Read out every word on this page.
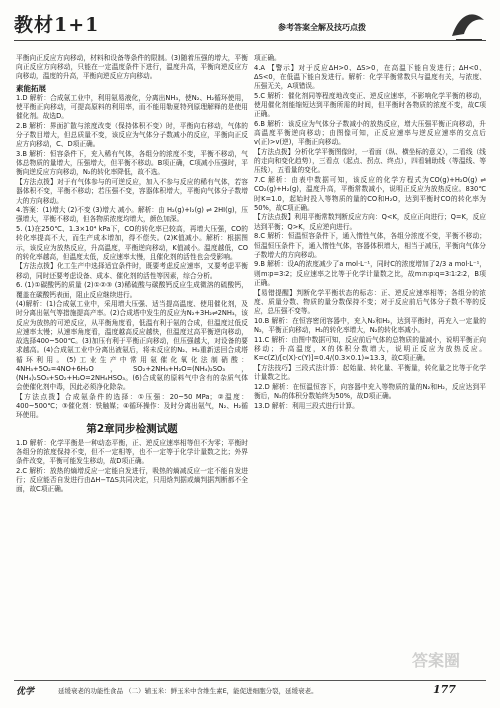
教材1+1	参考答案全解及技巧点拨

平衡向正反应方向移动，材料和设备等条件的限制。(3)随着压强的增大，平衡向正反应方向移动，只能在一定温度条件下进行，温度升高，平衡向逆反应方向移动，温度的升高，平衡向逆反应方向移动。

素能拓展

1.D 解析：合成氨工业中，利用氨易液化，分离出NH₃，使N₂、H₂循环使用，使平衡正向移动，可提高原料的利用率，而不能用勒夏特列原理解释的是使用催化剂。故选D。

2.B 解析：界面扩散与浓度改变（保持体积不变）时，平衡向右移动，气体的分子数目增大，但总质量不变，该反应为气体分子数减小的反应，平衡向正反应方向移动，C、D项正确。

3.B 解析：恒容条件下，充入稀有气体，各组分的浓度不变，平衡不移动，气体总物质的量增大，压强增大，但平衡不移动。B项正确，C项减小压强时，平衡向逆反应方向移动，N₂的转化率降低，故不选。

【方法点拨】对于有气体参与的可逆反应，加入不参与反应的稀有气体，若容器体积不变，平衡不移动；若压强不变，容器体积增大，平衡向气体分子数增大的方向移动。

4.答案：(1)增大 (2)不变 (3)增大 减小。解析：由 H₂(g)+I₂(g) ⇌ 2HI(g)，压强增大，平衡不移动，但各物质浓度均增大，颜色加深。

5. (1)在250℃、1.3×10⁴ kPa下，CO的转化率已较高，再增大压强，CO的转化率提高不大，而生产成本增加，得不偿失。(2)K值减小。解析：根据图示，该反应为放热反应，升高温度，平衡逆向移动，K值减小。温度越低，CO的转化率越高，但温度太低，反应速率太慢，且催化剂的活性也会受影响。

【方法点拨】化工生产中选择适宜条件时，既要考虑反应速率，又要考虑平衡移动，同时还要考虑设备、成本、催化剂的活性等因素，综合分析。

6. (1)①碳酸钙的质量 (2)①②③ (3)稀硫酸与碳酸钙反应生成微溶的硫酸钙，覆盖在碳酸钙表面，阻止反应继续进行。

(4)解析：(1)合成氨工业中，采用增大压强、适当提高温度、使用催化剂，及时分离出氨气等措施提高产率。(2)合成塔中发生的反应为N₂+3H₂⇌2NH₃，该反应为放热的可逆反应，从平衡角度看，低温有利于氨的合成，但温度过低反应速率太慢；从速率角度看，温度越高反应越快，但温度过高平衡逆向移动，故选择400~500℃。(3)加压有利于平衡正向移动，但压强越大，对设备的要求越高。(4)合成氨工业中分离出液氨后，将未反应的N₂、H₂重新送回合成塔循环利用。(5)工业生产中常用氨催化氧化法制硝酸：4NH₃+5O₂=4NO+6H₂O，SO₂+2NH₃+H₂O=(NH₄)₂SO₃，(NH₄)₂SO₃+SO₂+H₂O=2NH₄HSO₃。(6)合成氨的原料气中含有的杂质气体会使催化剂中毒，因此必须净化除杂。

【方法点拨】合成氨条件的选择：①压强：20~50 MPa；②温度：400~500℃；③催化剂：铁触媒；④循环操作：及时分离出氨气，N₂、H₂循环使用。

第2章同步检测试题

1.D 解析：化学平衡是一种动态平衡，正、逆反应速率相等但不为零；平衡时各组分的浓度保持不变，但不一定相等，也不一定等于化学计量数之比；外界条件改变，平衡可能发生移动，故D项正确。

2.C 解析：放热的熵增反应一定能自发进行，吸热的熵减反应一定不能自发进行；反应能否自发进行由ΔH−TΔS共同决定，只用焓判据或熵判据判断都不全面，故C项正确。

项正确。

4.A 【警示】对于反应ΔH>0、ΔS>0，在高温下能自发进行；ΔH<0、ΔS<0，在低温下能自发进行。解析：化学平衡常数只与温度有关，与浓度、压强无关，A项错误。

5.C 解析：催化剂同等程度地改变正、逆反应速率，不影响化学平衡的移动，使用催化剂能缩短达到平衡所需的时间，但平衡时各物质的浓度不变，故C项正确。

6.B 解析：该反应为气体分子数减小的放热反应，增大压强平衡正向移动，升高温度平衡逆向移动；由图像可知，正反应速率与逆反应速率的交点后v(正)>v(逆)，平衡正向移动。

【方法点拨】分析化学平衡图像时，一看面（纵、横坐标的意义），二看线（线的走向和变化趋势），三看点（起点、拐点、终点），四看辅助线（等温线、等压线），五看量的变化。

7.C 解析：由表中数据可知，该反应的化学方程式为CO(g)+H₂O(g) ⇌ CO₂(g)+H₂(g)，温度升高，平衡常数减小，说明正反应为放热反应。830℃时K=1.0，起始时投入等物质的量的CO和H₂O，达到平衡时CO的转化率为50%，故C项正确。

【方法点拨】利用平衡常数判断反应方向：Q<K，反应正向进行；Q=K，反应达到平衡；Q>K，反应逆向进行。

8.C 解析：恒温恒容条件下，通入惰性气体，各组分浓度不变，平衡不移动；恒温恒压条件下，通入惰性气体，容器体积增大，相当于减压，平衡向气体分子数增大的方向移动。

9.B 解析：设A的浓度减少了a mol·L⁻¹，同时C的浓度增加了2/3 a mol·L⁻¹，则m∶p=3∶2；反应速率之比等于化学计量数之比，故m∶n∶p∶q=3∶1∶2∶2，B项正确。

【易错提醒】判断化学平衡状态的标志：正、逆反应速率相等；各组分的浓度、质量分数、物质的量分数保持不变；对于反应前后气体分子数不等的反应，总压强不变等。

10.B 解析：在恒容密闭容器中，充入N₂和H₂，达到平衡时，再充入一定量的N₂，平衡正向移动，H₂的转化率增大，N₂的转化率减小。

11.C 解析：由图中数据可知，反应前后气体的总物质的量减小，说明平衡正向移动；升高温度，X的体积分数增大，说明正反应为放热反应。K=c(Z)/[c(X)·c(Y)]=0.4/(0.3×0.1)≈13.3，故C项正确。

【方法技巧】三段式法计算：起始量、转化量、平衡量，转化量之比等于化学计量数之比。

12.D 解析：在恒温恒容下，向容器中充入等物质的量的N₂和H₂，反应达到平衡后，N₂的体积分数始终为50%，故D项正确。

13.D 解析：利用三段式进行计算。

答案圈
优学	延缓衰老的功能性食品 （二）辅玉米：鲜玉米中含维生素E，能促进细胞分裂，延缓衰老。	177
